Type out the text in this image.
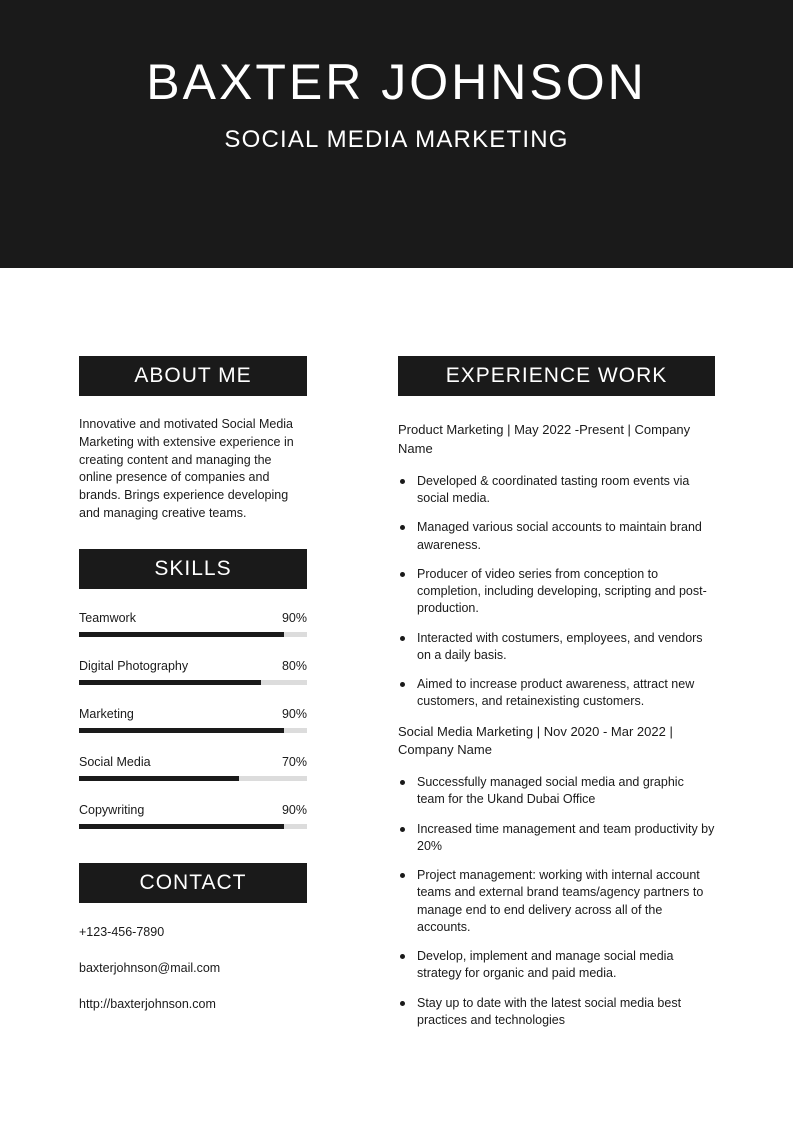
BAXTER JOHNSON
SOCIAL MEDIA MARKETING
ABOUT ME
Innovative and motivated Social Media Marketing with extensive experience in creating content and managing the online presence of companies and brands. Brings experience developing and managing creative teams.
SKILLS
Teamwork	90%
Digital Photography	80%
Marketing	90%
Social Media	70%
Copywriting	90%
CONTACT
+123-456-7890
baxterjohnson@mail.com
http://baxterjohnson.com
EXPERIENCE WORK
Product Marketing | May 2022 -Present | Company Name
Developed & coordinated tasting room events via social media.
Managed various social accounts to maintain brand awareness.
Producer of video series from conception to completion, including developing, scripting and post-production.
Interacted with costumers, employees, and vendors on a daily basis.
Aimed to increase product awareness, attract new customers, and retainexisting customers.
Social Media Marketing | Nov 2020 - Mar 2022 | Company Name
Successfully managed social media and graphic team for the Ukand Dubai Office
Increased time management and team productivity by 20%
Project management: working with internal account teams and external brand teams/agency partners to manage end to end delivery across all of the accounts.
Develop, implement and manage social media strategy for organic and paid media.
Stay up to date with the latest social media best practices and technologies
